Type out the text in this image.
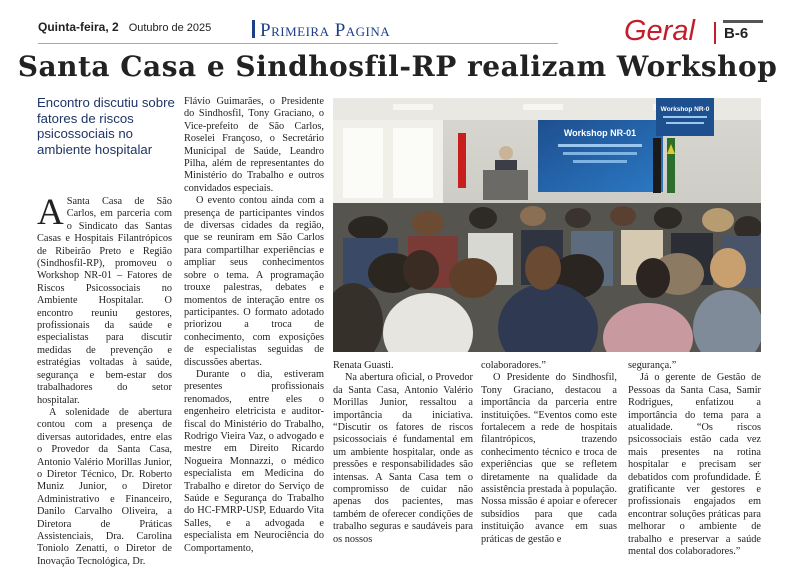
Quinta-feira, 2 Outubro de 2025	Primeira Pagina	Geral B-6
Santa Casa e Sindhosfil-RP realizam Workshop
Encontro discutiu sobre fatores de riscos psicossociais no ambiente hospitalar

A Santa Casa de São Carlos, em parceria com o Sindicato das Santas Casas e Hospitais Filantrópicos de Ribeirão Preto e Região (Sindhosfil-RP), promoveu o Workshop NR-01 – Fatores de Riscos Psicossociais no Ambiente Hospitalar. O encontro reuniu gestores, profissionais da saúde e especialistas para discutir medidas de prevenção e estratégias voltadas à saúde, segurança e bem-estar dos trabalhadores do setor hospitalar.

A solenidade de abertura contou com a presença de diversas autoridades, entre elas o Provedor da Santa Casa, Antonio Valério Morillas Junior, o Diretor Técnico, Dr. Roberto Muniz Junior, o Diretor Administrativo e Financeiro, Danilo Carvalho Oliveira, a Diretora de Práticas Assistenciais, Dra. Carolina Toniolo Zenatti, o Diretor de Inovação Tecnológica, Dr.

Flávio Guimarães, o Presidente do Sindhosfil, Tony Graciano, o Vice-prefeito de São Carlos, Roselei Françoso, o Secretário Municipal de Saúde, Leandro Pilha, além de representantes do Ministério do Trabalho e outros convidados especiais.

O evento contou ainda com a presença de participantes vindos de diversas cidades da região, que se reuniram em São Carlos para compartilhar experiências e ampliar seus conhecimentos sobre o tema. A programação trouxe palestras, debates e momentos de interação entre os participantes. O formato adotado priorizou a troca de conhecimento, com exposições de especialistas seguidas de discussões abertas.

Durante o dia, estiveram presentes profissionais renomados, entre eles o engenheiro eletricista e auditor-fiscal do Ministério do Trabalho, Rodrigo Vieira Vaz, o advogado e mestre em Direito Ricardo Nogueira Monnazzi, o médico especialista em Medicina do Trabalho e diretor do Serviço de Saúde e Segurança do Trabalho do HC-FMRP-USP, Eduardo Vita Salles, e a advogada e especialista em Neurociência do Comportamento,

Workshop NR-01
Workshop NR-0

Renata Guasti.

Na abertura oficial, o Provedor da Santa Casa, Antonio Valério Morillas Junior, ressaltou a importância da iniciativa. “Discutir os fatores de riscos psicossociais é fundamental em um ambiente hospitalar, onde as pressões e responsabilidades são intensas. A Santa Casa tem o compromisso de cuidar não apenas dos pacientes, mas também de oferecer condições de trabalho seguras e saudáveis para os nossos

colaboradores.”

O Presidente do Sindhosfil, Tony Graciano, destacou a importância da parceria entre instituições. “Eventos como este fortalecem a rede de hospitais filantrópicos, trazendo conhecimento técnico e troca de experiências que se refletem diretamente na qualidade da assistência prestada à população. Nossa missão é apoiar e oferecer subsídios para que cada instituição avance em suas práticas de gestão e

segurança.”

Já o gerente de Gestão de Pessoas da Santa Casa, Samir Rodrigues, enfatizou a importância do tema para a atualidade. “Os riscos psicossociais estão cada vez mais presentes na rotina hospitalar e precisam ser debatidos com profundidade. É gratificante ver gestores e profissionais engajados em encontrar soluções práticas para melhorar o ambiente de trabalho e preservar a saúde mental dos colaboradores.”
